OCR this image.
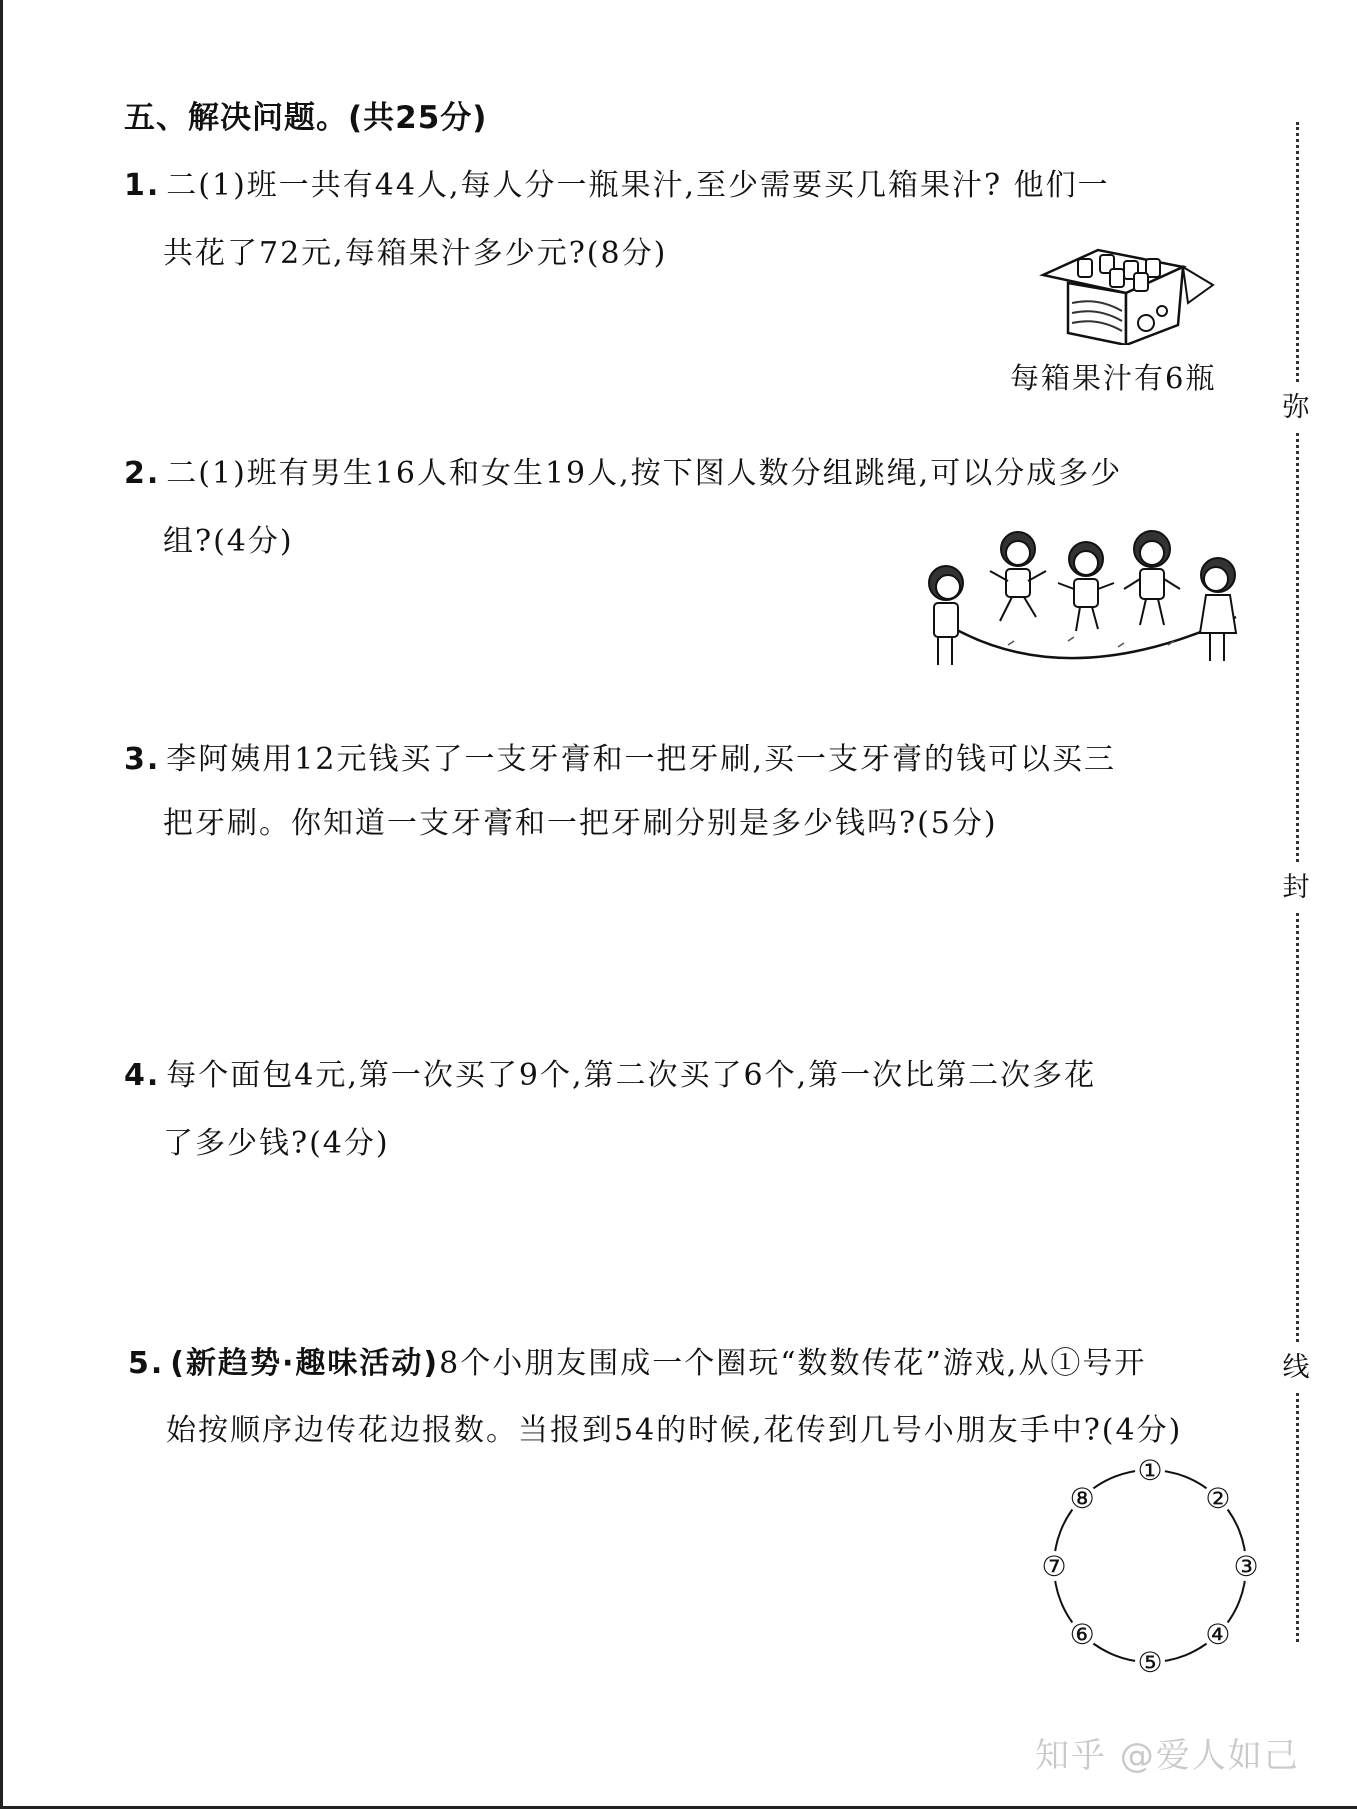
五、解决问题。(共25分)
1. 二(1)班一共有44人,每人分一瓶果汁,至少需要买几箱果汁? 他们一
共花了72元,每箱果汁多少元?(8分)
每箱果汁有6瓶
2. 二(1)班有男生16人和女生19人,按下图人数分组跳绳,可以分成多少
组?(4分)
3. 李阿姨用12元钱买了一支牙膏和一把牙刷,买一支牙膏的钱可以买三
把牙刷。你知道一支牙膏和一把牙刷分别是多少钱吗?(5分)
4. 每个面包4元,第一次买了9个,第二次买了6个,第一次比第二次多花
了多少钱?(4分)
5. (新趋势·趣味活动)8个小朋友围成一个圈玩“数数传花”游戏,从①号开
始按顺序边传花边报数。当报到54的时候,花传到几号小朋友手中?(4分)
①
②
③
④
⑤
⑥
⑦
⑧
弥
封
线
知乎 @爱人如己
